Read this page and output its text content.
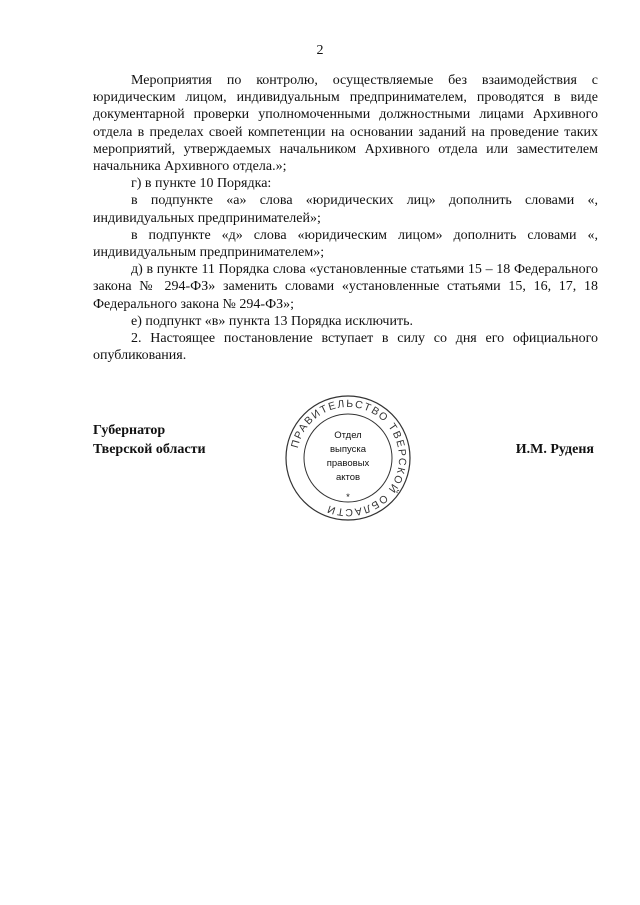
2

Мероприятия по контролю, осуществляемые без взаимодействия с юридическим лицом, индивидуальным предпринимателем, проводятся в виде документарной проверки уполномоченными должностными лицами Архивного отдела в пределах своей компетенции на основании заданий на проведение таких мероприятий, утверждаемых начальником Архивного отдела или заместителем начальника Архивного отдела.»;

г) в пункте 10 Порядка:

в подпункте «а» слова «юридических лиц» дополнить словами «, индивидуальных предпринимателей»;

в подпункте «д» слова «юридическим лицом» дополнить словами «, индивидуальным предпринимателем»;

д) в пункте 11 Порядка слова «установленные статьями 15 – 18 Федерального закона № 294-ФЗ» заменить словами «установленные статьями 15, 16, 17, 18 Федерального закона № 294-ФЗ»;

е) подпункт «в» пункта 13 Порядка исключить.

2. Настоящее постановление вступает в силу со дня его официального опубликования.

Губернатор
Тверской области	И.М. Руденя
ПРАВИТЕЛЬСТВО ТВЕРСКОЙ ОБЛАСТИ
Отдел
выпуска
правовых
актов
*
